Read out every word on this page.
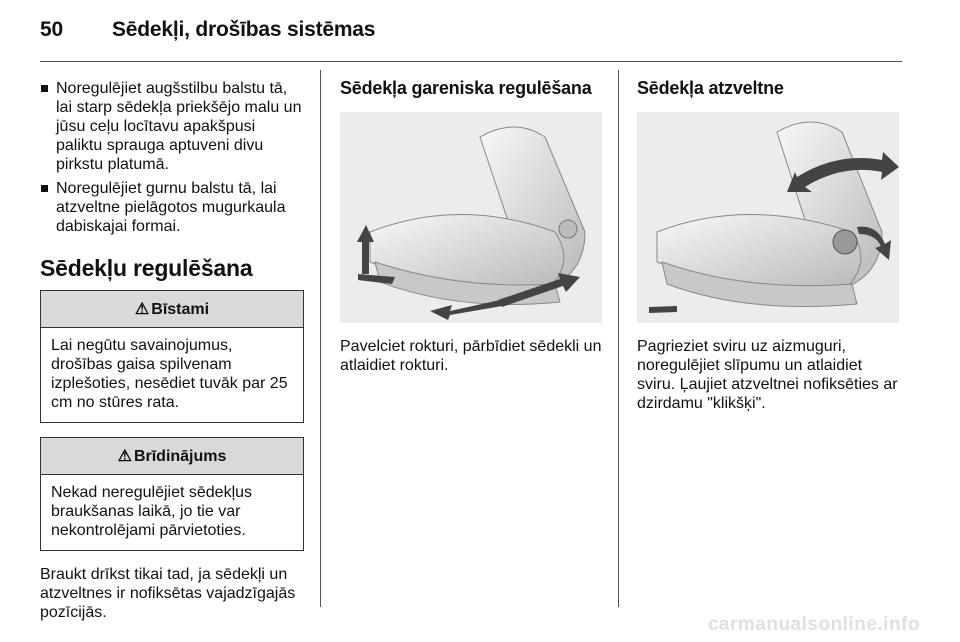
50 Sēdekļi, drošības sistēmas
Noregulējiet augšstilbu balstu tā, lai starp sēdekļa priekšējo malu un jūsu ceļu locītavu apakšpusi paliktu sprauga aptuveni divu pirkstu platumā.
Noregulējiet gurnu balstu tā, lai atzveltne pielāgotos mugurkaula dabiskajai formai.
Sēdekļu regulēšana
⚠ Bīstami
Lai negūtu savainojumus, drošības gaisa spilvenam izplešoties, nesēdiet tuvāk par 25 cm no stūres rata.
⚠ Brīdinājums
Nekad neregulējiet sēdekļus braukšanas laikā, jo tie var nekontrolējami pārvietoties.
Braukt drīkst tikai tad, ja sēdekļi un atzveltnes ir nofiksētas vajadzīgajās pozīcijās.
Sēdekļa gareniska regulēšana
Pavelciet rokturi, pārbīdiet sēdekli un atlaidiet rokturi.
Sēdekļa atzveltne
Pagrieziet sviru uz aizmuguri, noregulējiet slīpumu un atlaidiet sviru. Ļaujiet atzveltnei nofiksēties ar dzirdamu "klikšķi".
carmanualsonline.info
